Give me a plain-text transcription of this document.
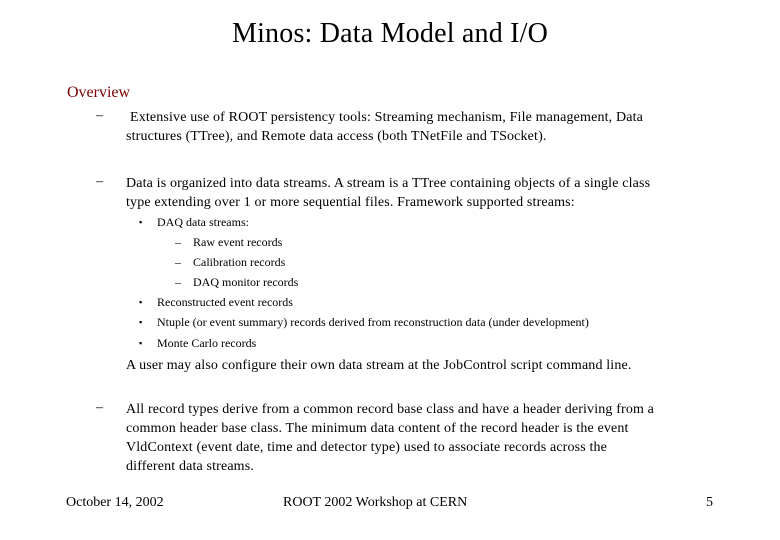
Minos: Data Model and I/O
Overview
– Extensive use of ROOT persistency tools: Streaming mechanism, File management, Data
structures (TTree), and Remote data access (both TNetFile and TSocket).
– Data is organized into data streams. A stream is a TTree containing objects of a single class
type extending over 1 or more sequential files. Framework supported streams:
▪ DAQ data streams:
– Raw event records
– Calibration records
– DAQ monitor records
▪ Reconstructed event records
▪ Ntuple (or event summary) records derived from reconstruction data (under development)
▪ Monte Carlo records
A user may also configure their own data stream at the JobControl script command line.
– All record types derive from a common record base class and have a header deriving from a
common header base class. The minimum data content of the record header is the event
VldContext (event date, time and detector type) used to associate records across the
different data streams.
October 14, 2002	ROOT 2002 Workshop at CERN	5
